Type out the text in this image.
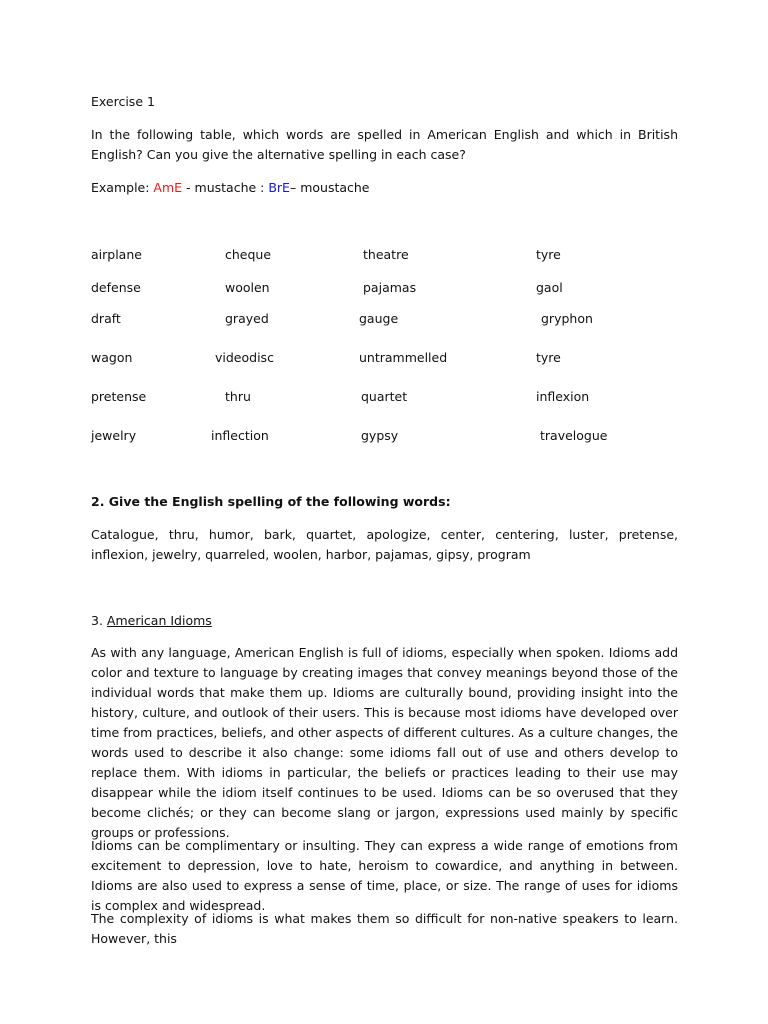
Exercise 1
In the following table, which words are spelled in American English and which in British English? Can you give the alternative spelling in each case?
Example: AmE - mustache : BrE– moustache
airplane	cheque	theatre	tyre
defense	woolen	pajamas	gaol
draft	grayed	gauge	gryphon
wagon	videodisc	untrammelled	tyre
pretense	thru	quartet	inflexion
jewelry	inflection	gypsy	travelogue
2. Give the English spelling of the following words:
Catalogue, thru, humor, bark, quartet, apologize, center, centering, luster, pretense, inflexion, jewelry, quarreled, woolen, harbor, pajamas, gipsy, program
3. American Idioms
As with any language, American English is full of idioms, especially when spoken. Idioms add color and texture to language by creating images that convey meanings beyond those of the individual words that make them up. Idioms are culturally bound, providing insight into the history, culture, and outlook of their users. This is because most idioms have developed over time from practices, beliefs, and other aspects of different cultures. As a culture changes, the words used to describe it also change: some idioms fall out of use and others develop to replace them. With idioms in particular, the beliefs or practices leading to their use may disappear while the idiom itself continues to be used. Idioms can be so overused that they become clichés; or they can become slang or jargon, expressions used mainly by specific groups or professions.
Idioms can be complimentary or insulting. They can express a wide range of emotions from excitement to depression, love to hate, heroism to cowardice, and anything in between. Idioms are also used to express a sense of time, place, or size. The range of uses for idioms is complex and widespread.
The complexity of idioms is what makes them so difficult for non-native speakers to learn. However, this
